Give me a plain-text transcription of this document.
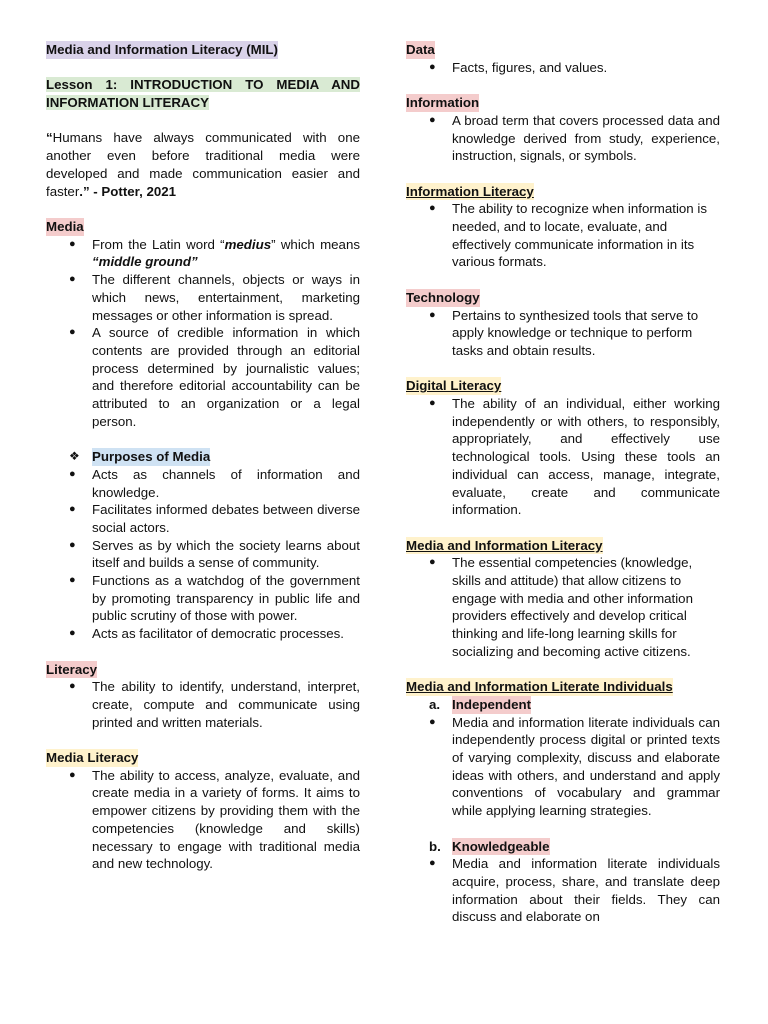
Media and Information Literacy (MIL)

Lesson 1: INTRODUCTION TO MEDIA AND INFORMATION LITERACY

“Humans have always communicated with one another even before traditional media were developed and made communication easier and faster.” - Potter, 2021

Media

● From the Latin word “medius” which means “middle ground”
● The different channels, objects or ways in which news, entertainment, marketing messages or other information is spread.
● A source of credible information in which contents are provided through an editorial process determined by journalistic values; and therefore editorial accountability can be attributed to an organization or a legal person.
❖ Purposes of Media
● Acts as channels of information and knowledge.
● Facilitates informed debates between diverse social actors.
● Serves as by which the society learns about itself and builds a sense of community.
● Functions as a watchdog of the government by promoting transparency in public life and public scrutiny of those with power.
● Acts as facilitator of democratic processes.

Literacy

● The ability to identify, understand, interpret, create, compute and communicate using printed and written materials.

Media Literacy

● The ability to access, analyze, evaluate, and create media in a variety of forms. It aims to empower citizens by providing them with the competencies (knowledge and skills) necessary to engage with traditional media and new technology.

Data

● Facts, figures, and values.

Information

● A broad term that covers processed data and knowledge derived from study, experience, instruction, signals, or symbols.

Information Literacy

● The ability to recognize when information is needed, and to locate, evaluate, and effectively communicate information in its various formats.

Technology

● Pertains to synthesized tools that serve to apply knowledge or technique to perform tasks and obtain results.

Digital Literacy

● The ability of an individual, either working independently or with others, to responsibly, appropriately, and effectively use technological tools. Using these tools an individual can access, manage, integrate, evaluate, create and communicate information.

Media and Information Literacy

● The essential competencies (knowledge, skills and attitude) that allow citizens to engage with media and other information providers effectively and develop critical thinking and life-long learning skills for socializing and becoming active citizens.

Media and Information Literate Individuals

a. Independent
● Media and information literate individuals can independently process digital or printed texts of varying complexity, discuss and elaborate ideas with others, and understand and apply conventions of vocabulary and grammar while applying learning strategies.
b. Knowledgeable
● Media and information literate individuals acquire, process, share, and translate deep information about their fields. They can discuss and elaborate on
